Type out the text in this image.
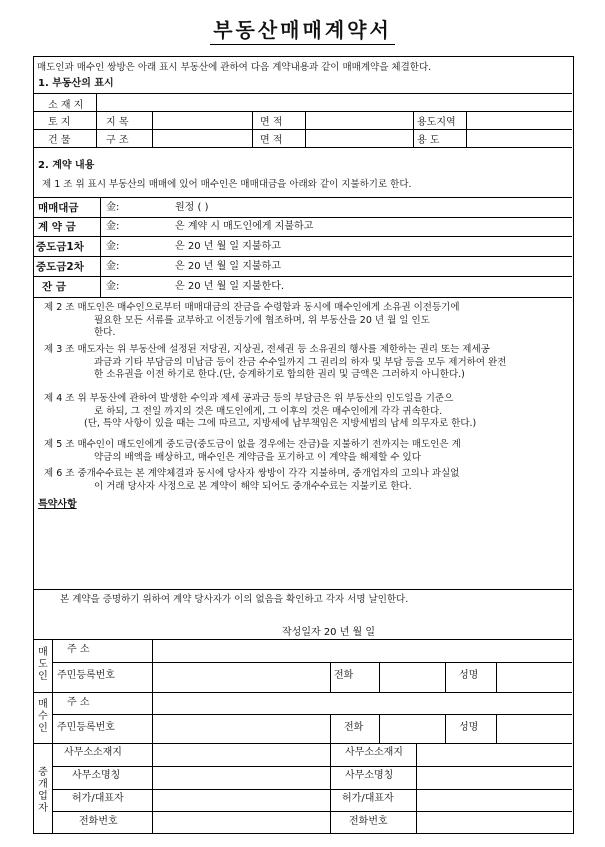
부동산매매계약서
매도인과 매수인 쌍방은 아래 표시 부동산에 관하여 다음 계약내용과 같이 매매계약을 체결한다.
1. 부동산의 표시
소 재 지
토 지	지 목	면 적	용도지역
건 물	구 조	면 적	용 도
2. 계약 내용
제 1 조 위 표시 부동산의 매매에 있어 매수인은 매매대금을 아래와 같이 지불하기로 한다.
매매대금	金:	원정 ( )
계 약 금	金:	은 계약 시 매도인에게 지불하고
중도금1차 金:	은 20 년 월 일 지불하고
중도금2차 金:	은 20 년 월 일 지불하고
잔 금	金:	은 20 년 월 일 지불한다.
제 2 조 매도인은 매수인으로부터 매매대금의 잔금을 수령함과 동시에 매수인에게 소유권 이전등기에
필요한 모든 서류를 교부하고 이전등기에 협조하며, 위 부동산을 20 년 월 일 인도
한다.
제 3 조 매도자는 위 부동산에 설정된 저당권, 지상권, 전세권 등 소유권의 행사를 제한하는 권리 또는 제세공
과금과 기타 부담금의 미납금 등이 잔금 수수일까지 그 권리의 하자 및 부담 등을 모두 제거하여 완전
한 소유권을 이전 하기로 한다.(단, 승계하기로 합의한 권리 및 금액은 그러하지 아니한다.)
제 4 조 위 부동산에 관하여 발생한 수익과 제세 공과금 등의 부담금은 위 부동산의 인도일을 기준으
로 하되, 그 전일 까지의 것은 매도인에게, 그 이후의 것은 매수인에게 각각 귀속한다.
(단, 특약 사항이 있을 때는 그에 따르고, 지방세에 납부책임은 지방세법의 납세 의무자로 한다.)
제 5 조 매수인이 매도인에게 중도금(중도금이 없을 경우에는 잔금)을 지불하기 전까지는 매도인은 계
약금의 배액을 배상하고, 매수인은 계약금을 포기하고 이 계약을 해제할 수 있다
제 6 조 중개수수료는 본 계약체결과 동시에 당사자 쌍방이 각각 지불하며, 중개업자의 고의나 과실없
이 거래 당사자 사정으로 본 계약이 해약 되어도 중개수수료는 지불키로 한다.
특약사항
본 계약을 증명하기 위하여 계약 당사자가 이의 없음을 확인하고 각자 서명 날인한다.
작성일자 20 년 월 일
매도인
주 소
주민등록번호	전화	성명
매수인
주 소
주민등록번호	전화	성명
중개업자
사무소소재지	사무소소재지
사무소명칭	사무소명칭
허가/대표자	허가/대표자
전화번호	전화번호
